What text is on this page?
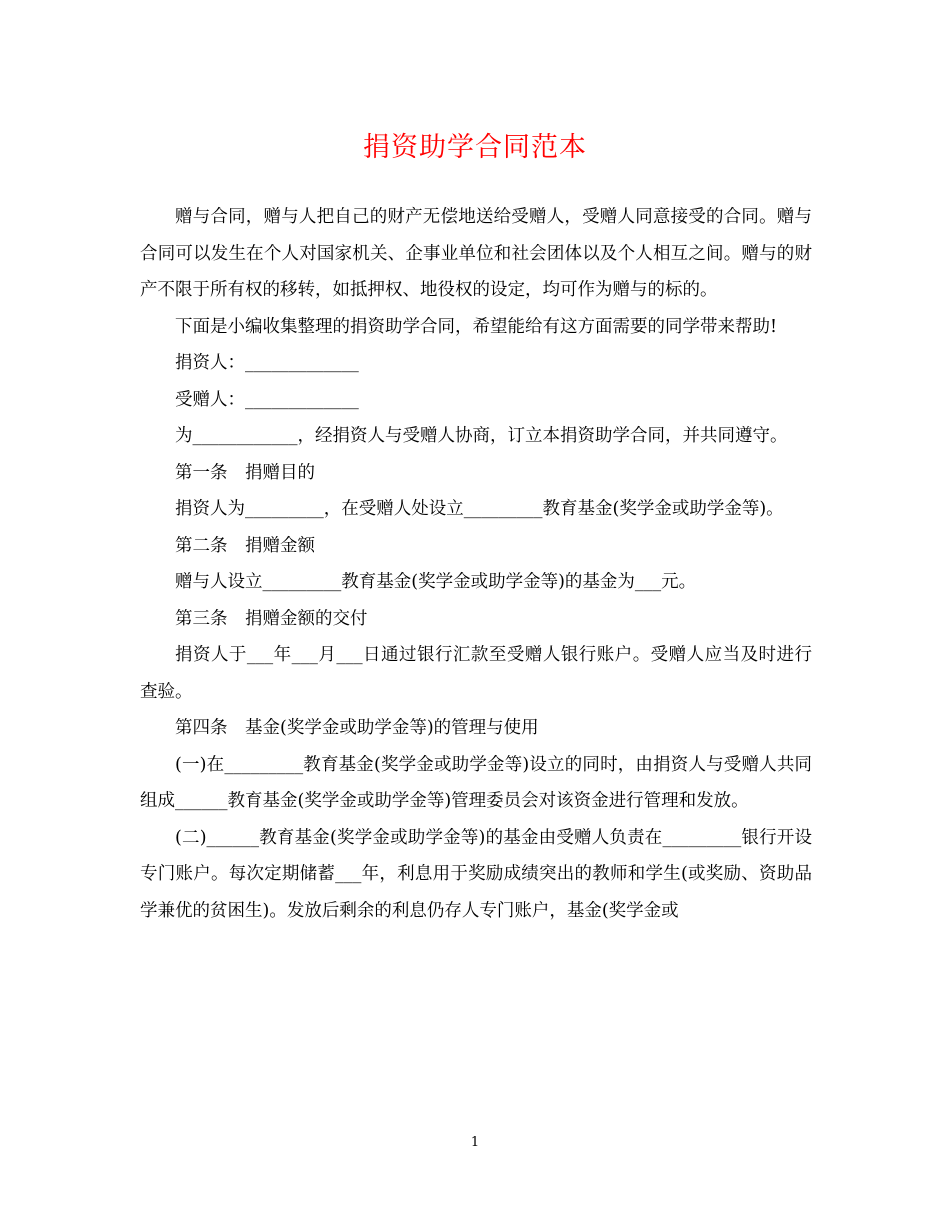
捐资助学合同范本

赠与合同，赠与人把自己的财产无偿地送给受赠人，受赠人同意接受的合同。赠与合同可以发生在个人对国家机关、企事业单位和社会团体以及个人相互之间。赠与的财产不限于所有权的移转，如抵押权、地役权的设定，均可作为赠与的标的。

下面是小编收集整理的捐资助学合同，希望能给有这方面需要的同学带来帮助!

捐资人：_____________

受赠人：_____________

为____________，经捐资人与受赠人协商，订立本捐资助学合同，并共同遵守。

第一条　捐赠目的

捐资人为_________，在受赠人处设立_________教育基金(奖学金或助学金等)。

第二条　捐赠金额

赠与人设立_________教育基金(奖学金或助学金等)的基金为___元。

第三条　捐赠金额的交付

捐资人于___年___月___日通过银行汇款至受赠人银行账户。受赠人应当及时进行查验。

第四条　基金(奖学金或助学金等)的管理与使用

(一)在_________教育基金(奖学金或助学金等)设立的同时，由捐资人与受赠人共同组成______教育基金(奖学金或助学金等)管理委员会对该资金进行管理和发放。

(二)______教育基金(奖学金或助学金等)的基金由受赠人负责在_________银行开设专门账户。每次定期储蓄___年，利息用于奖励成绩突出的教师和学生(或奖励、资助品学兼优的贫困生)。发放后剩余的利息仍存人专门账户，基金(奖学金或

1
